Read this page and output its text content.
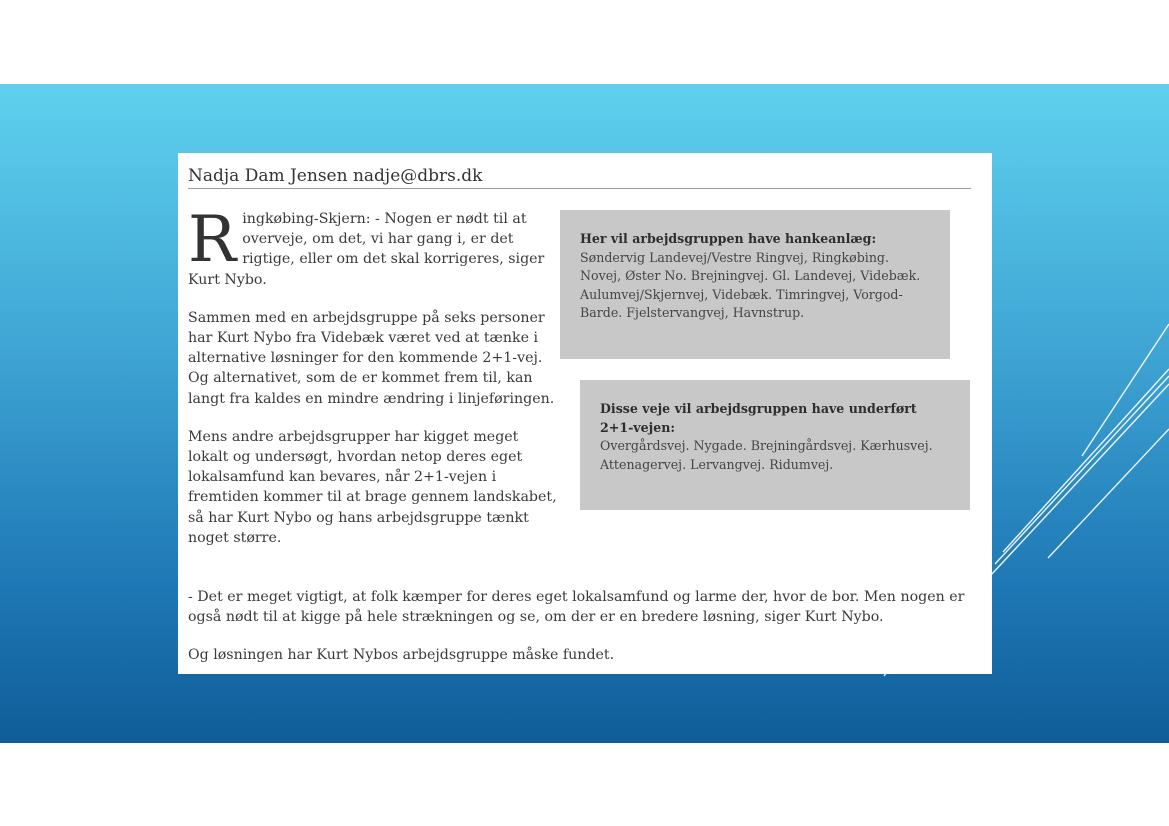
Nadja Dam Jensen nadje@dbrs.dk

Ringkøbing-Skjern: - Nogen er nødt til at overveje, om det, vi har gang i, er det rigtige, eller om det skal korrigeres, siger Kurt Nybo.

Sammen med en arbejdsgruppe på seks personer har Kurt Nybo fra Videbæk været ved at tænke i alternative løsninger for den kommende 2+1-vej. Og alternativet, som de er kommet frem til, kan langt fra kaldes en mindre ændring i linjeføringen.

Mens andre arbejdsgrupper har kigget meget lokalt og undersøgt, hvordan netop deres eget lokalsamfund kan bevares, når 2+1-vejen i fremtiden kommer til at brage gennem landskabet, så har Kurt Nybo og hans arbejdsgruppe tænkt noget større.

Her vil arbejdsgruppen have hankeanlæg:
Søndervig Landevej/Vestre Ringvej, Ringkøbing. Novej, Øster No. Brejningvej. Gl. Landevej, Videbæk. Aulumvej/Skjernvej, Videbæk. Timringvej, Vorgod-Barde. Fjelstervangvej, Havnstrup.
Disse veje vil arbejdsgruppen have underført 2+1-vejen:
Overgårdsvej. Nygade. Brejningårdsvej. Kærhusvej. Attenagervej. Lervangvej. Ridumvej.

- Det er meget vigtigt, at folk kæmper for deres eget lokalsamfund og larme der, hvor de bor. Men nogen er også nødt til at kigge på hele strækningen og se, om der er en bredere løsning, siger Kurt Nybo.

Og løsningen har Kurt Nybos arbejdsgruppe måske fundet.
